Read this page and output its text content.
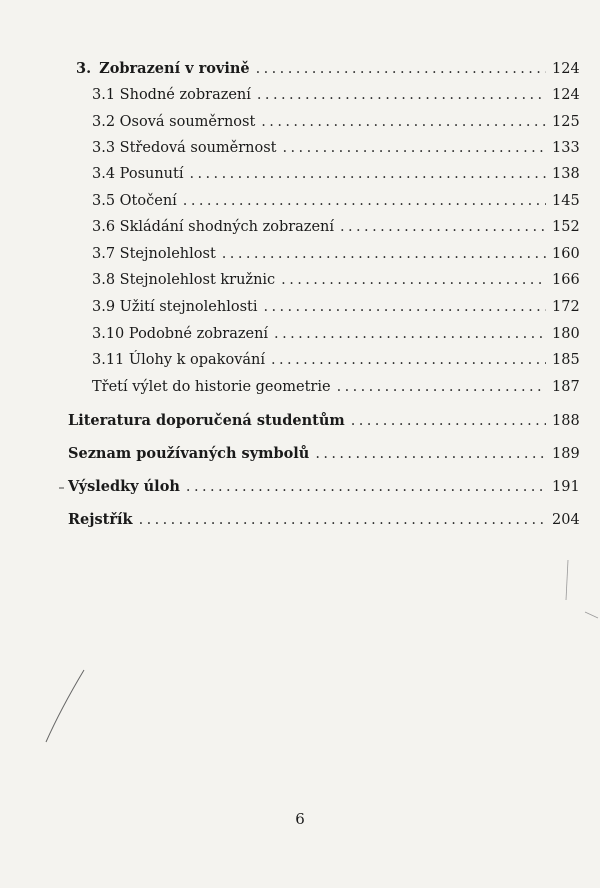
3. Zobrazení v rovině . . .	124
3.1 Shodné zobrazení . . .	124
3.2 Osová souměrnost . . .	125
3.3 Středová souměrnost . . .	133
3.4 Posunutí . . .	138
3.5 Otočení . . .	145
3.6 Skládání shodných zobrazení . . .	152
3.7 Stejnolehlost . . .	160
3.8 Stejnolehlost kružnic . . .	166
3.9 Užití stejnolehlosti . . .	172
3.10 Podobné zobrazení . . .	180
3.11 Úlohy k opakování . . .	185
Třetí výlet do historie geometrie . . .	187
Literatura doporučená studentům . . .	188
Seznam používaných symbolů . . .	189
Výsledky úloh . . .	191
Rejstřík . . .	204
6
